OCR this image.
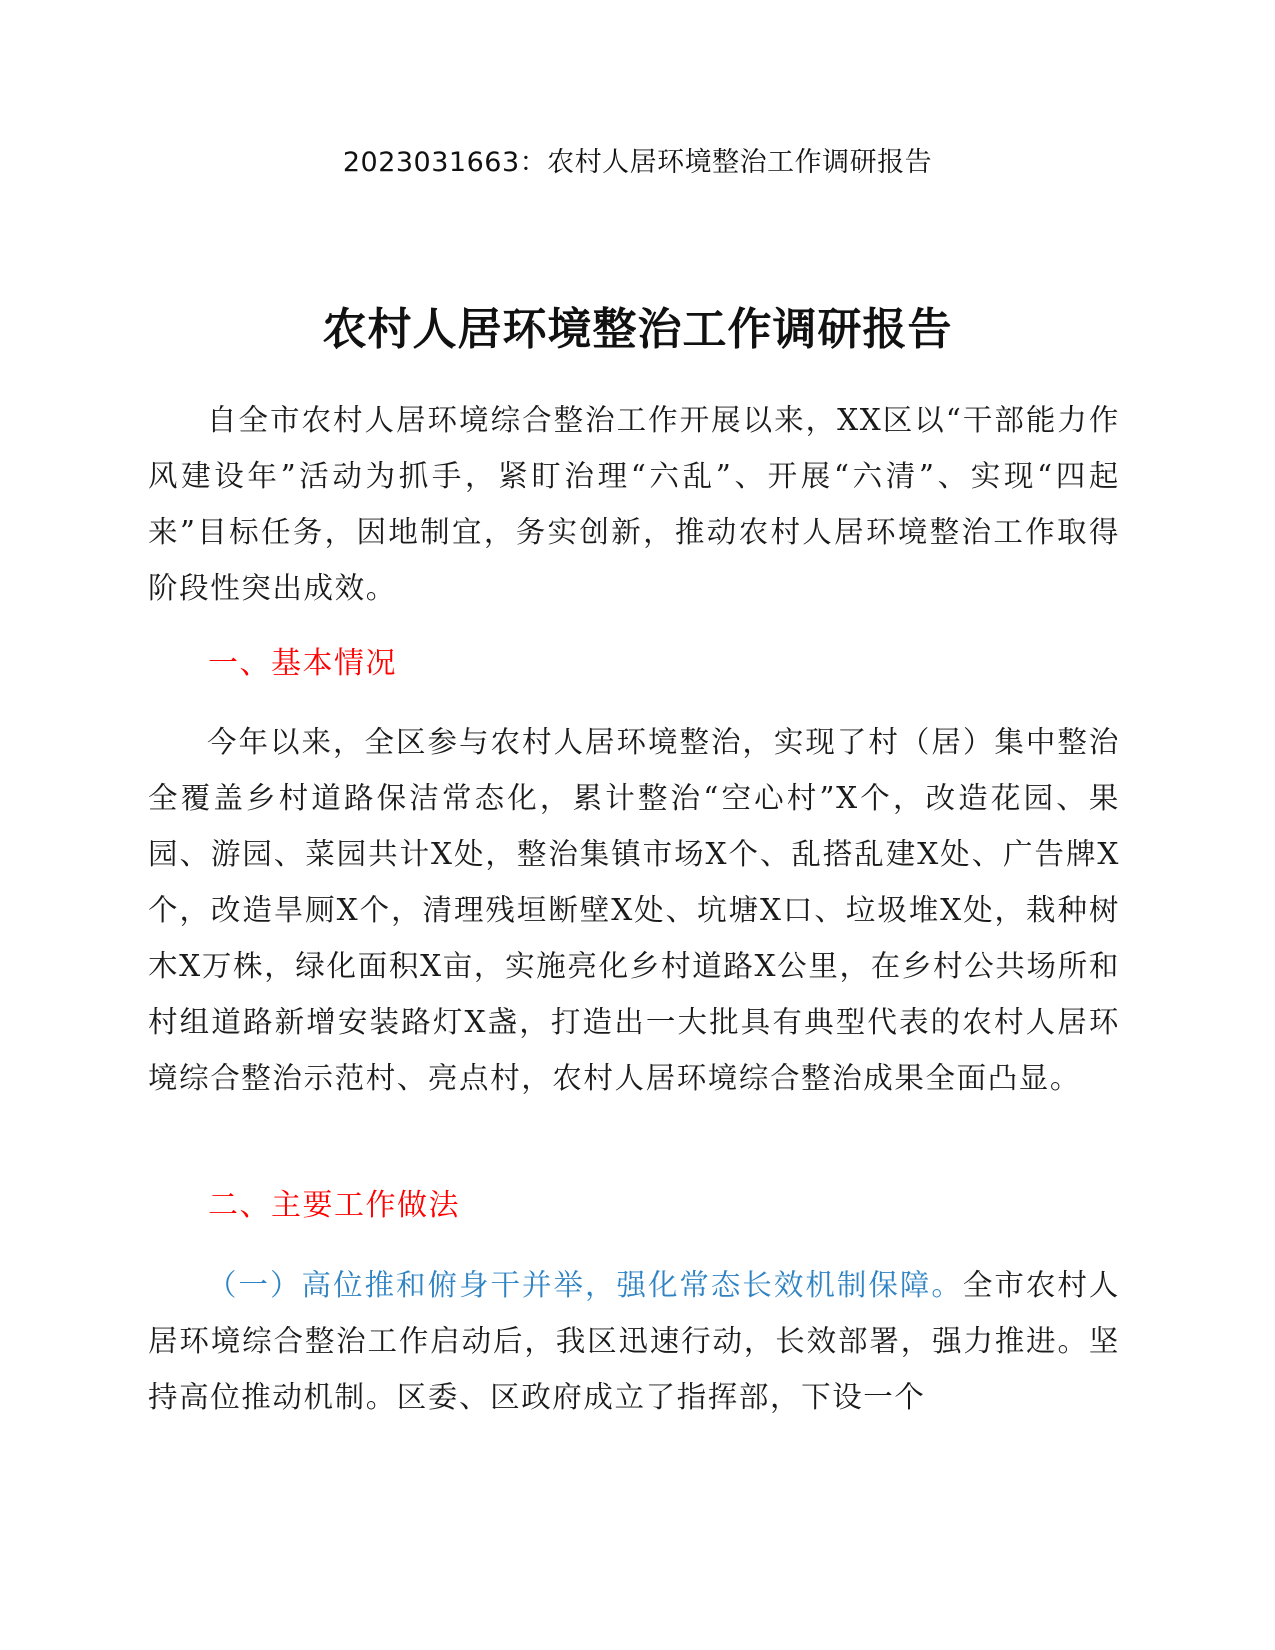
2023031663：农村人居环境整治工作调研报告
农村人居环境整治工作调研报告

自全市农村人居环境综合整治工作开展以来，XX区以“干部能力作风建设年”活动为抓手，紧盯治理“六乱”、开展“六清”、实现“四起来”目标任务，因地制宜，务实创新，推动农村人居环境整治工作取得阶段性突出成效。

一、基本情况

今年以来，全区参与农村人居环境整治，实现了村（居）集中整治全覆盖乡村道路保洁常态化，累计整治“空心村”X个，改造花园、果园、游园、菜园共计X处，整治集镇市场X个、乱搭乱建X处、广告牌X个，改造旱厕X个，清理残垣断壁X处、坑塘X口、垃圾堆X处，栽种树木X万株，绿化面积X亩，实施亮化乡村道路X公里，在乡村公共场所和村组道路新增安装路灯X盏，打造出一大批具有典型代表的农村人居环境综合整治示范村、亮点村，农村人居环境综合整治成果全面凸显。

二、主要工作做法

（一）高位推和俯身干并举，强化常态长效机制保障。全市农村人居环境综合整治工作启动后，我区迅速行动，长效部署，强力推进。坚持高位推动机制。区委、区政府成立了指挥部，下设一个
